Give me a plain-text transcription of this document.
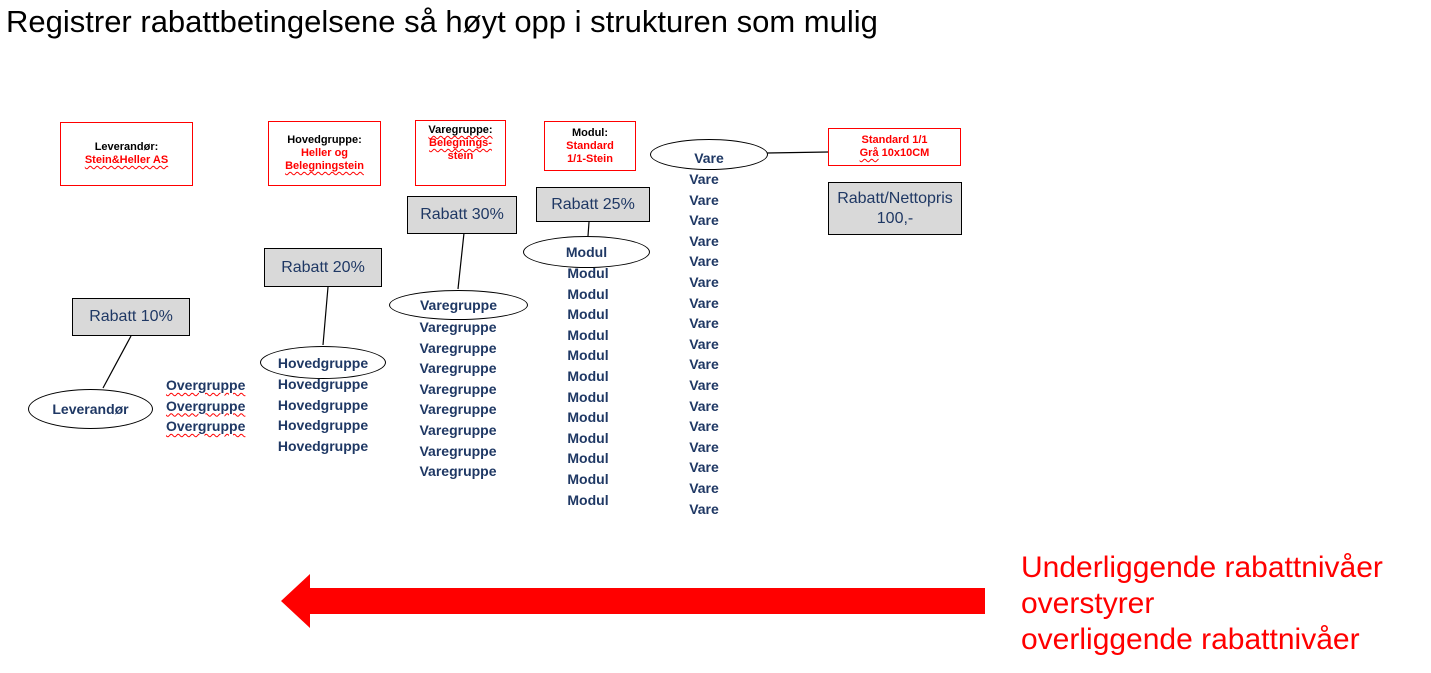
Registrer rabattbetingelsene så høyt opp i strukturen som mulig
Leverandør:
Stein&Heller AS
Hovedgruppe:
Heller og
Belegningstein
Varegruppe:
Belegnings-
stein
Modul:
Standard
1/1-Stein
Standard 1/1
Grå 10x10CM
Rabatt 10%
Rabatt 20%
Rabatt 30%
Rabatt 25%	Rabatt/Nettopris
100,-
Leverandør
Hovedgruppe
Varegruppe
Modul
Vare
Overgruppe
Overgruppe
Overgruppe
Hovedgruppe
Hovedgruppe
Hovedgruppe
Hovedgruppe
Varegruppe
Varegruppe
Varegruppe
Varegruppe
Varegruppe
Varegruppe
Varegruppe
Varegruppe
Modul
Modul
Modul
Modul
Modul
Modul
Modul
Modul
Modul
Modul
Modul
Modul
Vare
Vare
Vare
Vare
Vare
Vare
Vare
Vare
Vare
Vare
Vare
Vare
Vare
Vare
Vare
Vare
Vare
Underliggende rabattnivåer
overstyrer
overliggende rabattnivåer
